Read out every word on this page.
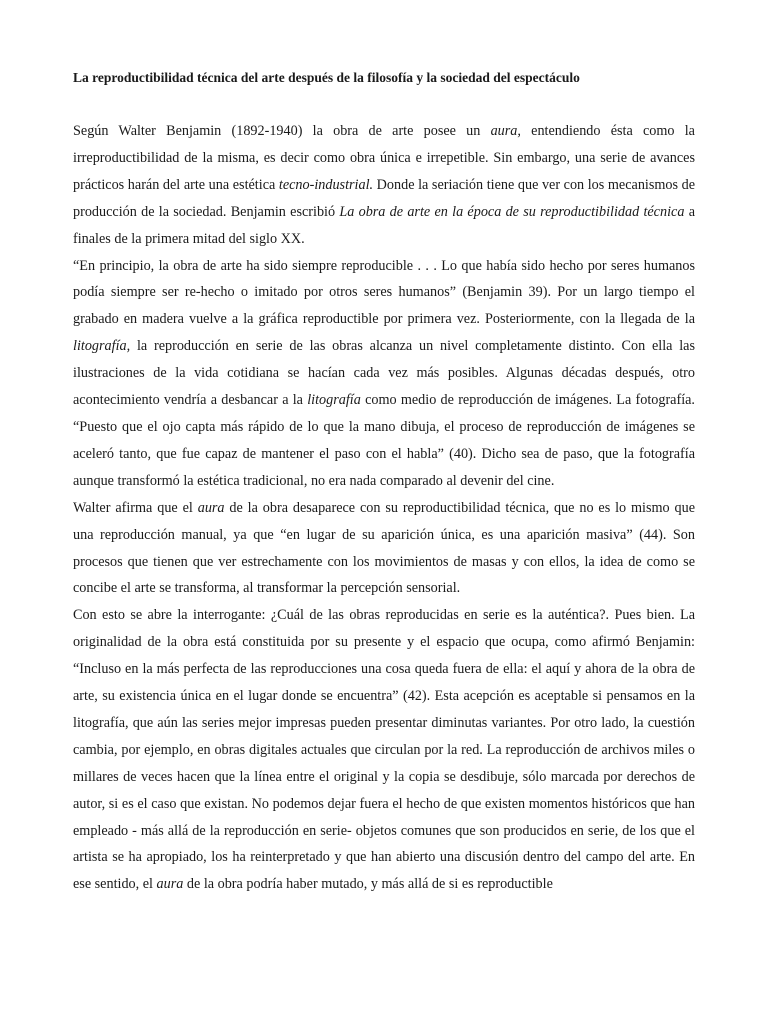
La reproductibilidad técnica del arte después de la filosofía y la sociedad del espectáculo

Según Walter Benjamin (1892-1940) la obra de arte posee un aura, entendiendo ésta como la irreproductibilidad de la misma, es decir como obra única e irrepetible. Sin embargo, una serie de avances prácticos harán del arte una estética tecno-industrial. Donde la seriación tiene que ver con los mecanismos de producción de la sociedad. Benjamin escribió La obra de arte en la época de su reproductibilidad técnica a finales de la primera mitad del siglo XX.

“En principio, la obra de arte ha sido siempre reproducible . . . Lo que había sido hecho por seres humanos podía siempre ser re-hecho o imitado por otros seres humanos” (Benjamin 39). Por un largo tiempo el grabado en madera vuelve a la gráfica reproductible por primera vez. Posteriormente, con la llegada de la litografía, la reproducción en serie de las obras alcanza un nivel completamente distinto. Con ella las ilustraciones de la vida cotidiana se hacían cada vez más posibles. Algunas décadas después, otro acontecimiento vendría a desbancar a la litografía como medio de reproducción de imágenes. La fotografía. “Puesto que el ojo capta más rápido de lo que la mano dibuja, el proceso de reproducción de imágenes se aceleró tanto, que fue capaz de mantener el paso con el habla” (40). Dicho sea de paso, que la fotografía aunque transformó la estética tradicional, no era nada comparado al devenir del cine.

Walter afirma que el aura de la obra desaparece con su reproductibilidad técnica, que no es lo mismo que una reproducción manual, ya que “en lugar de su aparición única, es una aparición masiva” (44). Son procesos que tienen que ver estrechamente con los movimientos de masas y con ellos, la idea de como se concibe el arte se transforma, al transformar la percepción sensorial.

Con esto se abre la interrogante: ¿Cuál de las obras reproducidas en serie es la auténtica?. Pues bien. La originalidad de la obra está constituida por su presente y el espacio que ocupa, como afirmó Benjamin: “Incluso en la más perfecta de las reproducciones una cosa queda fuera de ella: el aquí y ahora de la obra de arte, su existencia única en el lugar donde se encuentra” (42). Esta acepción es aceptable si pensamos en la litografía, que aún las series mejor impresas pueden presentar diminutas variantes. Por otro lado, la cuestión cambia, por ejemplo, en obras digitales actuales que circulan por la red. La reproducción de archivos miles o millares de veces hacen que la línea entre el original y la copia se desdibuje, sólo marcada por derechos de autor, si es el caso que existan. No podemos dejar fuera el hecho de que existen momentos históricos que han empleado - más allá de la reproducción en serie- objetos comunes que son producidos en serie, de los que el artista se ha apropiado, los ha reinterpretado y que han abierto una discusión dentro del campo del arte. En ese sentido, el aura de la obra podría haber mutado, y más allá de si es reproductible
